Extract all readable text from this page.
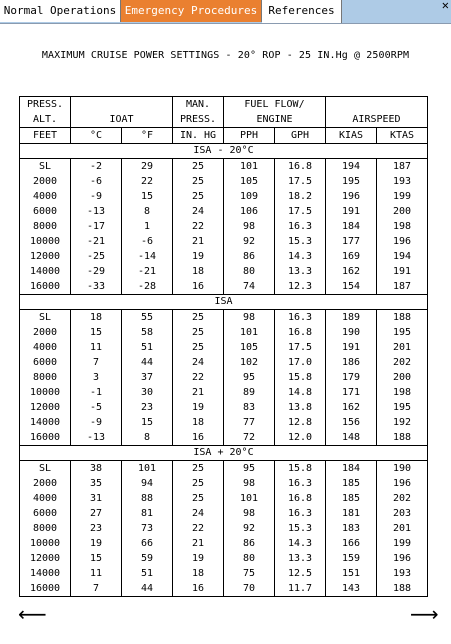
Normal Operations Emergency Procedures	References	✕
MAXIMUM CRUISE POWER SETTINGS - 20° ROP - 25 IN.Hg @ 2500RPM
PRESS.			MAN.	FUEL FLOW/			
ALT.	IOAT		PRESS.	ENGINE		AIRSPEED	
FEET	°C	°F	IN. HG	PPH	GPH	KIAS	KTAS
ISA - 20°C							
SL	-2	29	25	101	16.8	194	187
2000	-6	22	25	105	17.5	195	193
4000	-9	15	25	109	18.2	196	199
6000	-13	8	24	106	17.5	191	200
8000	-17	1	22	98	16.3	184	198
10000	-21	-6	21	92	15.3	177	196
12000	-25	-14	19	86	14.3	169	194
14000	-29	-21	18	80	13.3	162	191
16000	-33	-28	16	74	12.3	154	187
ISA							
SL	18	55	25	98	16.3	189	188
2000	15	58	25	101	16.8	190	195
4000	11	51	25	105	17.5	191	201
6000	7	44	24	102	17.0	186	202
8000	3	37	22	95	15.8	179	200
10000	-1	30	21	89	14.8	171	198
12000	-5	23	19	83	13.8	162	195
14000	-9	15	18	77	12.8	156	192
16000	-13	8	16	72	12.0	148	188
ISA + 20°C							
SL	38	101	25	95	15.8	184	190
2000	35	94	25	98	16.3	185	196
4000	31	88	25	101	16.8	185	202
6000	27	81	24	98	16.3	181	203
8000	23	73	22	92	15.3	183	201
10000	19	66	21	86	14.3	166	199
12000	15	59	19	80	13.3	159	196
14000	11	51	18	75	12.5	151	193
16000	7	44	16	70	11.7	143	188
⟵	⟶
